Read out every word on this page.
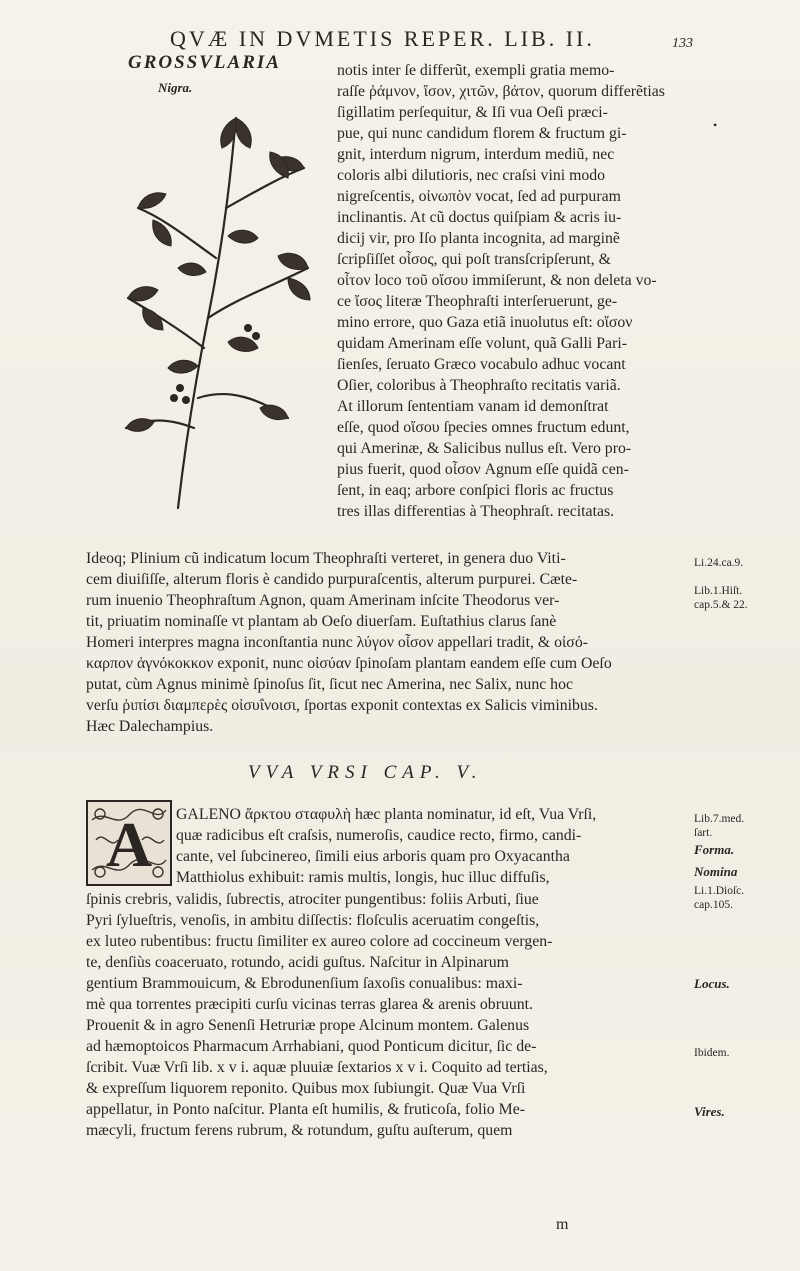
QVÆ IN DVMETIS REPER. LIB. II.	133
GROSSVLARIA
Nigra.
notis inter ſe differũt, exempli gratia memo-
raſſe ῥάμνον, ἴσον, χιτῶν, βάτον, quorum differẽtias
ſigillatim perſequitur, & Iſi vua Oeſi præci-
pue, qui nunc candidum florem & fructum gi-
gnit, interdum nigrum, interdum mediũ, nec
coloris albi dilutioris, nec craſsi vini modo
nigreſcentis, οἰνωπὸν vocat, ſed ad purpuram
inclinantis. At cũ doctus quiſpiam & acris iu-
dicij vir, pro Iſo planta incognita, ad marginẽ
ſcripſiſſet οἶσος, qui poſt transſcripſerunt, &
οἶτον loco τοῦ οἴσου immiſerunt, & non deleta vo-
ce ἴσος literæ Theophraſti interſeruerunt, ge-
mino errore, quo Gaza etiã inuolutus eſt: οἴσον
quidam Amerinam eſſe volunt, quã Galli Pari-
ſienſes, ſeruato Græco vocabulo adhuc vocant
Oſier, coloribus à Theophraſto recitatis variã.
At illorum ſententiam vanam id demonſtrat
eſſe, quod οἴσου ſpecies omnes fructum edunt,
qui Amerinæ, & Salicibus nullus eſt. Vero pro-
pius fuerit, quod οἶσον Agnum eſſe quidã cen-
ſent, in eaq; arbore conſpici floris ac fructus
tres illas differentias à Theophraſt. recitatas.
•
Ideoq; Plinium cũ indicatum locum Theophraſti verteret, in genera duo Viti-
cem diuiſiſſe, alterum floris è candido purpuraſcentis, alterum purpurei. Cæte-
rum inuenio Theophraſtum Agnon, quam Amerinam inſcite Theodorus ver-
tit, priuatim nominaſſe vt plantam ab Oeſo diuerſam. Euſtathius clarus ſanè
Homeri interpres magna inconſtantia nunc λύγον οἶσον appellari tradit, & οἰσό-
καρπον ἀγνόκοκκον exponit, nunc οἰσύαν ſpinoſam plantam eandem eſſe cum Oeſo
putat, cùm Agnus minimè ſpinoſus ſit, ſicut nec Amerina, nec Salix, nunc hoc
verſu ῥιπίσι διαμπερὲς οἰσυΐνοισι, ſportas exponit contextas ex Salicis viminibus.
Hæc Dalechampius.
VVA VRSI CAP. V.
A GALENO ἄρκτου σταφυλὴ hæc planta nominatur, id eſt, Vua Vrſi,
quæ radicibus eſt craſsis, numeroſis, caudice recto, firmo, candi-
cante, vel ſubcinereo, ſimili eius arboris quam pro Oxyacantha
Matthiolus exhibuit: ramis multis, longis, huc illuc diffuſis,
ſpinis crebris, validis, ſubrectis, atrociter pungentibus: foliis Arbuti, ſiue
Pyri ſylueſtris, venoſis, in ambitu diſſectis: floſculis aceruatim congeſtis,
ex luteo rubentibus: fructu ſimiliter ex aureo colore ad coccineum vergen-
te, denſiùs coaceruato, rotundo, acidi guſtus. Naſcitur in Alpinarum
gentium Brammouicum, & Ebrodunenſium ſaxoſis conualibus: maxi-
mè qua torrentes præcipiti curſu vicinas terras glarea & arenis obruunt.
Prouenit & in agro Senenſi Hetruriæ prope Alcinum montem. Galenus
ad hæmoptoicos Pharmacum Arrhabiani, quod Ponticum dicitur, ſic de-
ſcribit. Vuæ Vrſi lib. x v i. aquæ pluuiæ ſextarios x v i. Coquito ad tertias,
& expreſſum liquorem reponito. Quibus mox ſubiungit. Quæ Vua Vrſi
appellatur, in Ponto naſcitur. Planta eſt humilis, & fruticoſa, folio Me-
mæcyli, fructum ferens rubrum, & rotundum, guſtu auſterum, quem
m
Li.24.ca.9.
Lib.1.Hiſt.
cap.5.& 22.
Lib.7.med.
ſart.
Forma.
Nomina
Li.1.Dioſc.
cap.105.
Locus.
Ibidem.
Vires.
